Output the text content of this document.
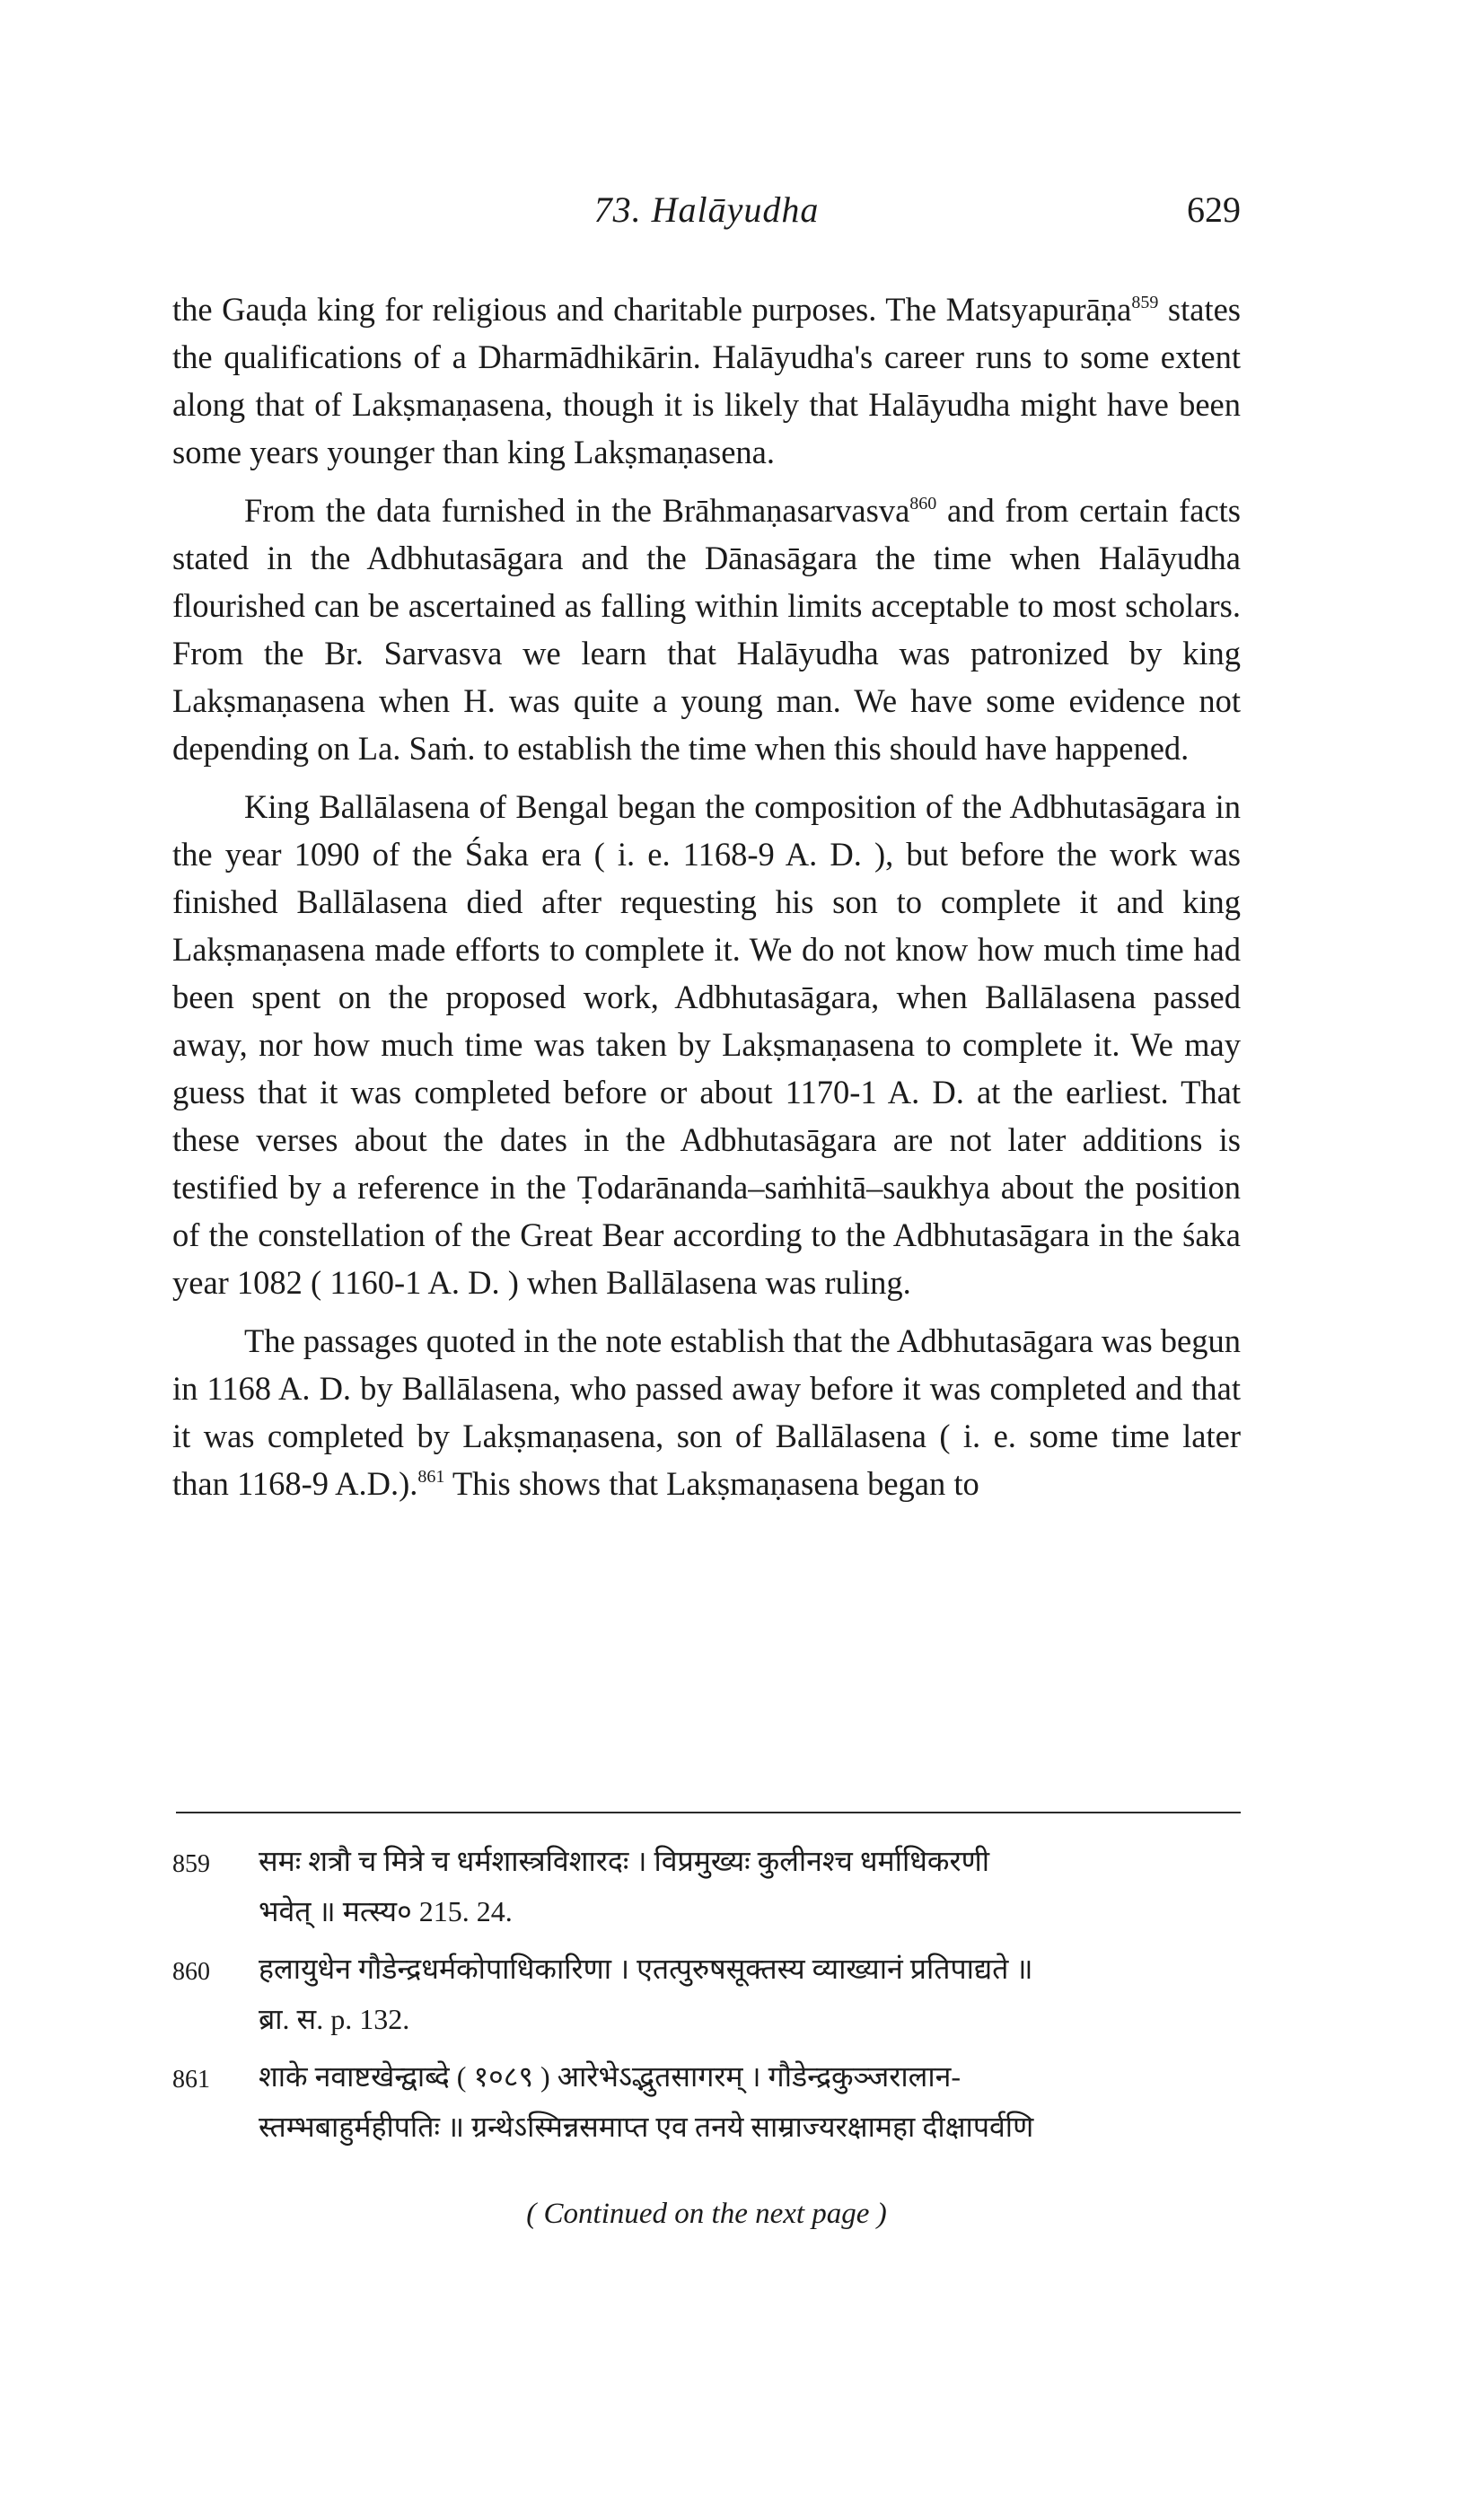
73. Halāyudha	629

the Gauḍa king for religious and charitable purposes. The Matsyapurāṇa$^{859}$ states the qualifications of a Dharmādhikārin. Halāyudha's career runs to some extent along that of Lakṣmaṇasena, though it is likely that Halāyudha might have been some years younger than king Lakṣmaṇasena.

From the data furnished in the Brāhmaṇasarvasva$^{860}$ and from certain facts stated in the Adbhutasāgara and the Dānasāgara the time when Halāyudha flourished can be ascertained as falling within limits acceptable to most scholars. From the Br. Sarvasva we learn that Halāyudha was patronized by king Lakṣmaṇasena when H. was quite a young man. We have some evidence not depending on La. Saṁ. to establish the time when this should have happened.

King Ballālasena of Bengal began the composition of the Adbhutasāgara in the year 1090 of the Śaka era ( i. e. 1168-9 A. D. ), but before the work was finished Ballālasena died after requesting his son to complete it and king Lakṣmaṇasena made efforts to complete it. We do not know how much time had been spent on the proposed work, Adbhutasāgara, when Ballālasena passed away, nor how much time was taken by Lakṣmaṇasena to complete it. We may guess that it was completed before or about 1170-1 A. D. at the earliest. That these verses about the dates in the Adbhutasāgara are not later additions is testified by a reference in the Ṭodarānanda–saṁhitā–saukhya about the position of the constellation of the Great Bear according to the Adbhutasāgara in the śaka year 1082 ( 1160-1 A. D. ) when Ballālasena was ruling.

The passages quoted in the note establish that the Adbhutasāgara was begun in 1168 A. D. by Ballālasena, who passed away before it was completed and that it was completed by Lakṣmaṇasena, son of Ballālasena ( i. e. some time later than 1168-9 A.D.).$^{861}$ This shows that Lakṣmaṇasena began to

859 समः शत्रौ च मित्रे च धर्मशास्त्रविशारदः । विप्रमुख्यः कुलीनश्च धर्माधिकरणी
भवेत् ॥ मत्स्य० 215. 24.
860 हलायुधेन गौडेन्द्रधर्मकोपाधिकारिणा । एतत्पुरुषसूक्तस्य व्याख्यानं प्रतिपाद्यते ॥
ब्रा. स. p. 132.
861 शाके नवाष्टखेन्द्वाब्दे ( १०८९ ) आरेभेऽद्भुतसागरम् । गौडेन्द्रकुञ्जरालान-
स्तम्भबाहुर्महीपतिः ॥ ग्रन्थेऽस्मिन्नसमाप्त एव तनये साम्राज्यरक्षामहा दीक्षापर्वणि
( Continued on the next page )
